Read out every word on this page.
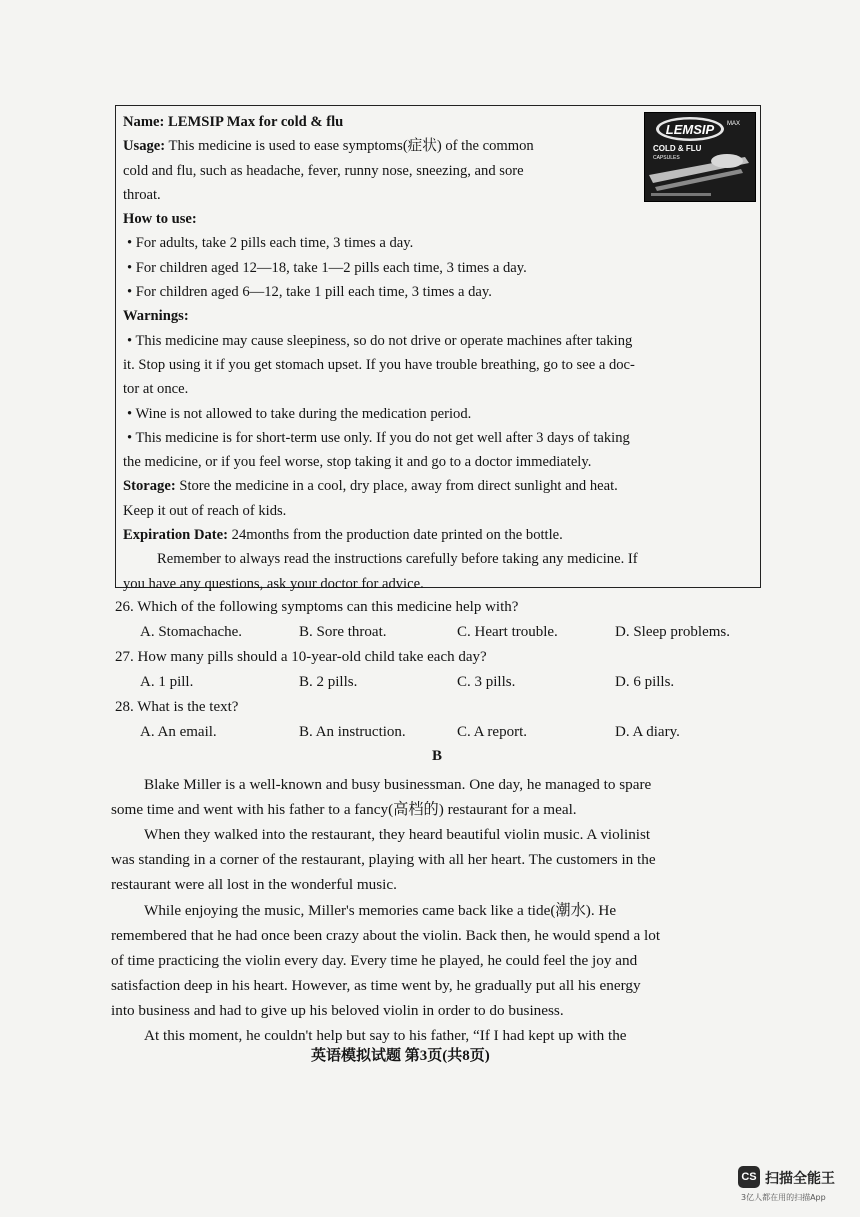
LEMSIP MAX
COLD & FLU
CAPSULES
Name: LEMSIP Max for cold & flu
Usage: This medicine is used to ease symptoms(症状) of the common
cold and flu, such as headache, fever, runny nose, sneezing, and sore
throat.
How to use:
• For adults, take 2 pills each time, 3 times a day.
• For children aged 12—18, take 1—2 pills each time, 3 times a day.
• For children aged 6—12, take 1 pill each time, 3 times a day.
Warnings:
• This medicine may cause sleepiness, so do not drive or operate machines after taking
it. Stop using it if you get stomach upset. If you have trouble breathing, go to see a doc-
tor at once.
• Wine is not allowed to take during the medication period.
• This medicine is for short-term use only. If you do not get well after 3 days of taking
the medicine, or if you feel worse, stop taking it and go to a doctor immediately.
Storage: Store the medicine in a cool, dry place, away from direct sunlight and heat.
Keep it out of reach of kids.
Expiration Date: 24months from the production date printed on the bottle.
Remember to always read the instructions carefully before taking any medicine. If
you have any questions, ask your doctor for advice.
26. Which of the following symptoms can this medicine help with?
A. Stomachache.	B. Sore throat.	C. Heart trouble.	D. Sleep problems.
27. How many pills should a 10-year-old child take each day?
A. 1 pill.	B. 2 pills.	C. 3 pills.	D. 6 pills.
28. What is the text?
A. An email.	B. An instruction.	C. A report.	D. A diary.
B
Blake Miller is a well-known and busy businessman. One day, he managed to spare
some time and went with his father to a fancy(高档的) restaurant for a meal.
When they walked into the restaurant, they heard beautiful violin music. A violinist
was standing in a corner of the restaurant, playing with all her heart. The customers in the
restaurant were all lost in the wonderful music.
While enjoying the music, Miller's memories came back like a tide(潮水). He
remembered that he had once been crazy about the violin. Back then, he would spend a lot
of time practicing the violin every day. Every time he played, he could feel the joy and
satisfaction deep in his heart. However, as time went by, he gradually put all his energy
into business and had to give up his beloved violin in order to do business.
At this moment, he couldn't help but say to his father, “If I had kept up with the
英语模拟试题 第3页(共8页)
CS 扫描全能王
3亿人都在用的扫描App
